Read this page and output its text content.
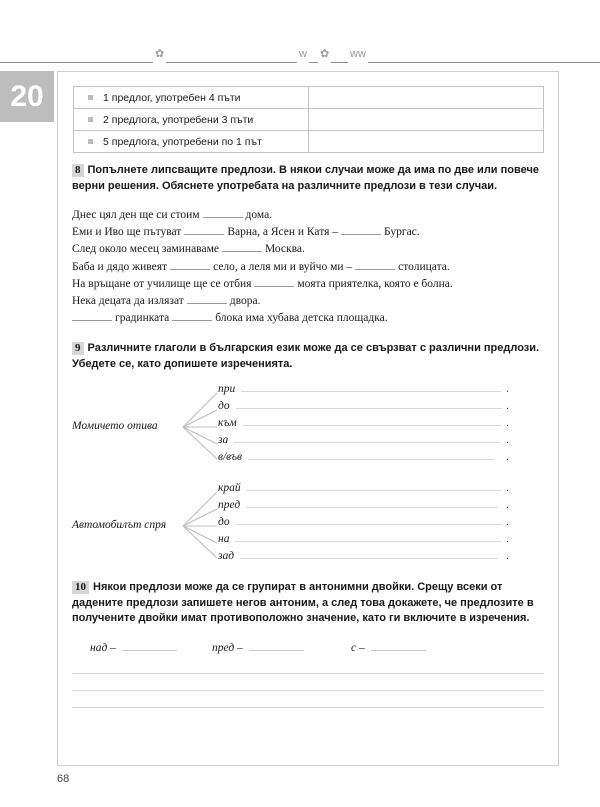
✿	ᴡ ✿ ᴡᴡ
20	1 предлог, употребен 4 пъти	
2 предлога, употребени 3 пъти	
5 предлога, употребени по 1 път	
8 Попълнете липсващите предлози. В някои случаи може да има по две или повече верни решения. Обяснете употребата на различните предлози в тези случаи.
Днес цял ден ще си стоим	дома.
Еми и Иво ще пътуват	Варна, а Ясен и Катя –	Бургас.
След около месец заминаваме	Москва.
Баба и дядо живеят	село, а леля ми и вуйчо ми –	столицата.
На връщане от училище ще се отбия	моята приятелка, която е болна.
Нека децата да излязат	двора.
градинката	блока има хубава детска площадка.
9 Различните глаголи в българския език може да се свързват с различни предлози. Убедете се, като допишете изреченията.
Момичето отива
при
до
към
за
в/във
.
.
.
.
.
Автомобилът спря
край
пред
до
на
зад
.
.
.
.
.
10 Някои предлози може да се групират в антонимни двойки. Срещу всеки от дадените предлози запишете негов антоним, а след това докажете, че предлозите в получените двойки имат противоположно значение, като ги включите в изречения.
над –	пред –	с –
68
